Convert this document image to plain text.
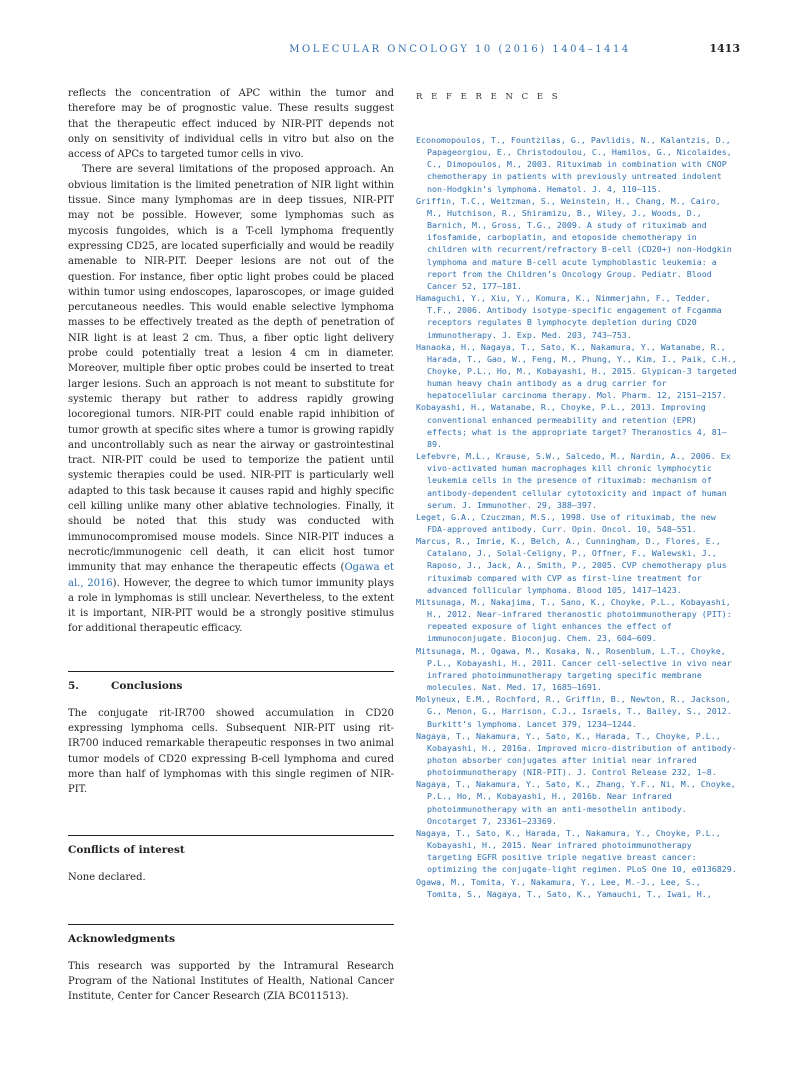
MOLECULAR ONCOLOGY 10 (2016) 1404–1414	1413

reflects the concentration of APC within the tumor and therefore may be of prognostic value. These results suggest that the therapeutic effect induced by NIR-PIT depends not only on sensitivity of individual cells in vitro but also on the access of APCs to targeted tumor cells in vivo.

There are several limitations of the proposed approach. An obvious limitation is the limited penetration of NIR light within tissue. Since many lymphomas are in deep tissues, NIR-PIT may not be possible. However, some lymphomas such as mycosis fungoides, which is a T-cell lymphoma frequently expressing CD25, are located superficially and would be readily amenable to NIR-PIT. Deeper lesions are not out of the question. For instance, fiber optic light probes could be placed within tumor using endoscopes, laparoscopes, or image guided percutaneous needles. This would enable selective lymphoma masses to be effectively treated as the depth of penetration of NIR light is at least 2 cm. Thus, a fiber optic light delivery probe could potentially treat a lesion 4 cm in diameter. Moreover, multiple fiber optic probes could be inserted to treat larger lesions. Such an approach is not meant to substitute for systemic therapy but rather to address rapidly growing locoregional tumors. NIR-PIT could enable rapid inhibition of tumor growth at specific sites where a tumor is growing rapidly and uncontrollably such as near the airway or gastrointestinal tract. NIR-PIT could be used to temporize the patient until systemic therapies could be used. NIR-PIT is particularly well adapted to this task because it causes rapid and highly specific cell killing unlike many other ablative technologies. Finally, it should be noted that this study was conducted with immunocompromised mouse models. Since NIR-PIT induces a necrotic/immunogenic cell death, it can elicit host tumor immunity that may enhance the therapeutic effects (Ogawa et al., 2016). However, the degree to which tumor immunity plays a role in lymphomas is still unclear. Nevertheless, to the extent it is important, NIR-PIT would be a strongly positive stimulus for additional therapeutic efficacy.

5.	Conclusions

The conjugate rit-IR700 showed accumulation in CD20 expressing lymphoma cells. Subsequent NIR-PIT using rit-IR700 induced remarkable therapeutic responses in two animal tumor models of CD20 expressing B-cell lymphoma and cured more than half of lymphomas with this single regimen of NIR-PIT.

Conflicts of interest

None declared.

Acknowledgments

This research was supported by the Intramural Research Program of the National Institutes of Health, National Cancer Institute, Center for Cancer Research (ZIA BC011513).

R E F E R E N C E S

Economopoulos, T., Fountzilas, G., Pavlidis, N., Kalantzis, D., Papageorgiou, E., Christodoulou, C., Hamilos, G., Nicolaides, C., Dimopoulos, M., 2003. Rituximab in combination with CNOP chemotherapy in patients with previously untreated indolent non-Hodgkin’s lymphoma. Hematol. J. 4, 110–115.

Griffin, T.C., Weitzman, S., Weinstein, H., Chang, M., Cairo, M., Hutchison, R., Shiramizu, B., Wiley, J., Woods, D., Barnich, M., Gross, T.G., 2009. A study of rituximab and ifosfamide, carboplatin, and etoposide chemotherapy in children with recurrent/refractory B-cell (CD20+) non-Hodgkin lymphoma and mature B-cell acute lymphoblastic leukemia: a report from the Children’s Oncology Group. Pediatr. Blood Cancer 52, 177–181.

Hamaguchi, Y., Xiu, Y., Komura, K., Nimmerjahn, F., Tedder, T.F., 2006. Antibody isotype-specific engagement of Fcgamma receptors regulates B lymphocyte depletion during CD20 immunotherapy. J. Exp. Med. 203, 743–753.

Hanaoka, H., Nagaya, T., Sato, K., Nakamura, Y., Watanabe, R., Harada, T., Gao, W., Feng, M., Phung, Y., Kim, I., Paik, C.H., Choyke, P.L., Ho, M., Kobayashi, H., 2015. Glypican-3 targeted human heavy chain antibody as a drug carrier for hepatocellular carcinoma therapy. Mol. Pharm. 12, 2151–2157.

Kobayashi, H., Watanabe, R., Choyke, P.L., 2013. Improving conventional enhanced permeability and retention (EPR) effects; what is the appropriate target? Theranostics 4, 81–89.

Lefebvre, M.L., Krause, S.W., Salcedo, M., Nardin, A., 2006. Ex vivo-activated human macrophages kill chronic lymphocytic leukemia cells in the presence of rituximab: mechanism of antibody-dependent cellular cytotoxicity and impact of human serum. J. Immunother. 29, 388–397.

Leget, G.A., Czuczman, M.S., 1998. Use of rituximab, the new FDA-approved antibody. Curr. Opin. Oncol. 10, 548–551.

Marcus, R., Imrie, K., Belch, A., Cunningham, D., Flores, E., Catalano, J., Solal-Celigny, P., Offner, F., Walewski, J., Raposo, J., Jack, A., Smith, P., 2005. CVP chemotherapy plus rituximab compared with CVP as first-line treatment for advanced follicular lymphoma. Blood 105, 1417–1423.

Mitsunaga, M., Nakajima, T., Sano, K., Choyke, P.L., Kobayashi, H., 2012. Near-infrared theranostic photoimmunotherapy (PIT): repeated exposure of light enhances the effect of immunoconjugate. Bioconjug. Chem. 23, 604–609.

Mitsunaga, M., Ogawa, M., Kosaka, N., Rosenblum, L.T., Choyke, P.L., Kobayashi, H., 2011. Cancer cell-selective in vivo near infrared photoimmunotherapy targeting specific membrane molecules. Nat. Med. 17, 1685–1691.

Molyneux, E.M., Rochford, R., Griffin, B., Newton, R., Jackson, G., Menon, G., Harrison, C.J., Israels, T., Bailey, S., 2012. Burkitt’s lymphoma. Lancet 379, 1234–1244.

Nagaya, T., Nakamura, Y., Sato, K., Harada, T., Choyke, P.L., Kobayashi, H., 2016a. Improved micro-distribution of antibody-photon absorber conjugates after initial near infrared photoimmunotherapy (NIR-PIT). J. Control Release 232, 1–8.

Nagaya, T., Nakamura, Y., Sato, K., Zhang, Y.F., Ni, M., Choyke, P.L., Ho, M., Kobayashi, H., 2016b. Near infrared photoimmunotherapy with an anti-mesothelin antibody. Oncotarget 7, 23361–23369.

Nagaya, T., Sato, K., Harada, T., Nakamura, Y., Choyke, P.L., Kobayashi, H., 2015. Near infrared photoimmunotherapy targeting EGFR positive triple negative breast cancer: optimizing the conjugate-light regimen. PLoS One 10, e0136829.

Ogawa, M., Tomita, Y., Nakamura, Y., Lee, M.-J., Lee, S., Tomita, S., Nagaya, T., Sato, K., Yamauchi, T., Iwai, H.,
